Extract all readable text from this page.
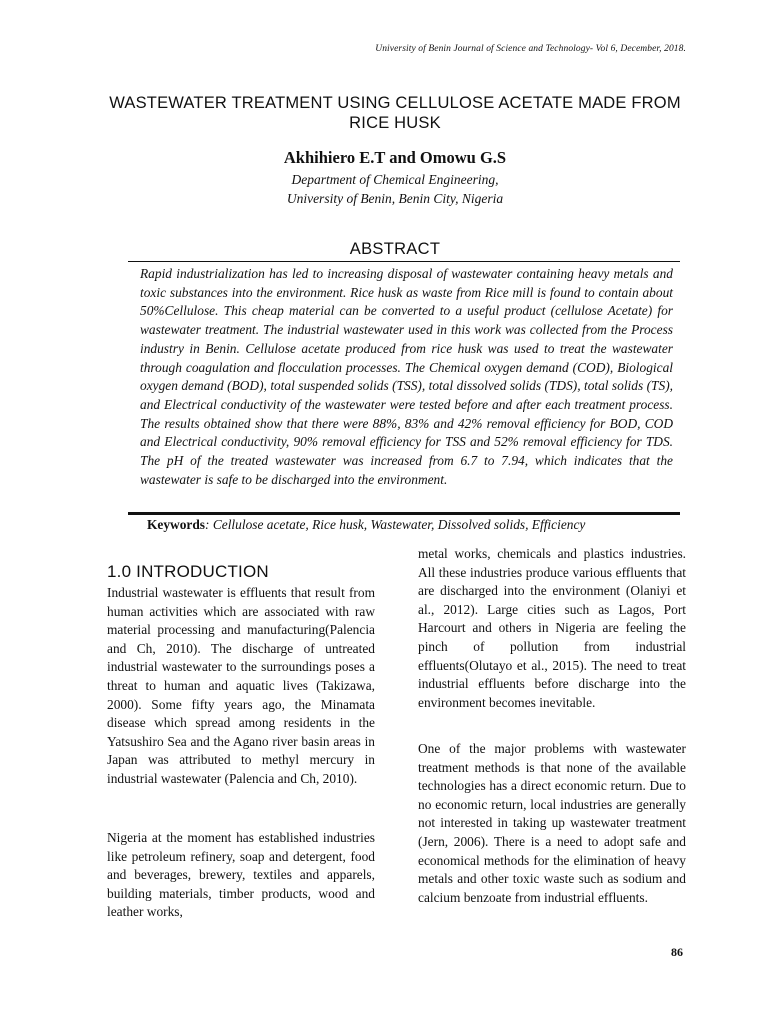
University of Benin Journal of Science and Technology- Vol 6, December, 2018.
WASTEWATER TREATMENT USING CELLULOSE ACETATE MADE FROM RICE HUSK
Akhihiero E.T and Omowu G.S
Department of Chemical Engineering,
University of Benin, Benin City, Nigeria
ABSTRACT
Rapid industrialization has led to increasing disposal of wastewater containing heavy metals and toxic substances into the environment. Rice husk as waste from Rice mill is found to contain about 50%Cellulose. This cheap material can be converted to a useful product (cellulose Acetate) for wastewater treatment. The industrial wastewater used in this work was collected from the Process industry in Benin. Cellulose acetate produced from rice husk was used to treat the wastewater through coagulation and flocculation processes. The Chemical oxygen demand (COD), Biological oxygen demand (BOD), total suspended solids (TSS), total dissolved solids (TDS), total solids (TS), and Electrical conductivity of the wastewater were tested before and after each treatment process. The results obtained show that there were 88%, 83% and 42% removal efficiency for BOD, COD and Electrical conductivity, 90% removal efficiency for TSS and 52% removal efficiency for TDS. The pH of the treated wastewater was increased from 6.7 to 7.94, which indicates that the wastewater is safe to be discharged into the environment.
Keywords: Cellulose acetate, Rice husk, Wastewater, Dissolved solids, Efficiency
1.0 INTRODUCTION

Industrial wastewater is effluents that result from human activities which are associated with raw material processing and manufacturing(Palencia and Ch, 2010). The discharge of untreated industrial wastewater to the surroundings poses a threat to human and aquatic lives (Takizawa, 2000). Some fifty years ago, the Minamata disease which spread among residents in the Yatsushiro Sea and the Agano river basin areas in Japan was attributed to methyl mercury in industrial wastewater (Palencia and Ch, 2010).

Nigeria at the moment has established industries like petroleum refinery, soap and detergent, food and beverages, brewery, textiles and apparels, building materials, timber products, wood and leather works,

metal works, chemicals and plastics industries. All these industries produce various effluents that are discharged into the environment (Olaniyi et al., 2012). Large cities such as Lagos, Port Harcourt and others in Nigeria are feeling the pinch of pollution from industrial effluents(Olutayo et al., 2015). The need to treat industrial effluents before discharge into the environment becomes inevitable.

One of the major problems with wastewater treatment methods is that none of the available technologies has a direct economic return. Due to no economic return, local industries are generally not interested in taking up wastewater treatment (Jern, 2006). There is a need to adopt safe and economical methods for the elimination of heavy metals and other toxic waste such as sodium and calcium benzoate from industrial effluents.

86
